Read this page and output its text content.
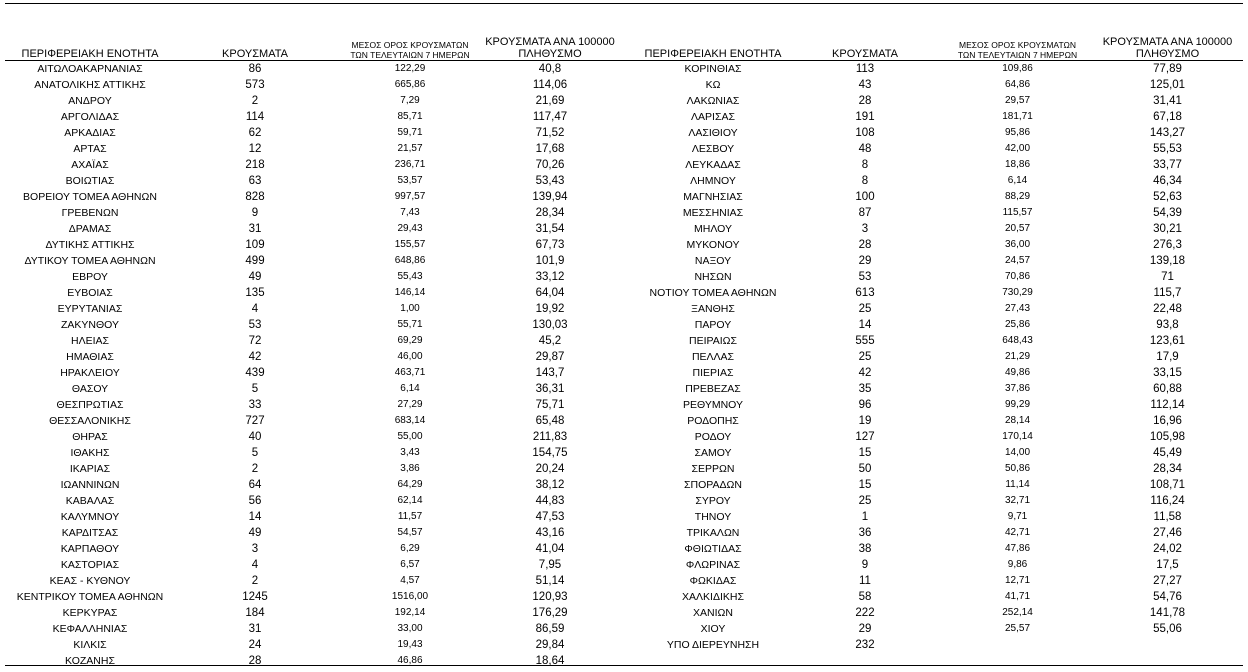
ΠΕΡΙΦΕΡΕΙΑΚΗ ΕΝΟΤΗΤΑ	ΚΡΟΥΣΜΑΤΑ
ΜΕΣΟΣ ΟΡΟΣ ΚΡΟΥΣΜΑΤΩΝ
ΤΩΝ ΤΕΛΕΥΤΑΙΩΝ 7 ΗΜΕΡΩΝ
ΚΡΟΥΣΜΑΤΑ ΑΝΑ 100000
ΠΛΗΘΥΣΜΟ
ΑΙΤΩΛΟΑΚΑΡΝΑΝΙΑΣ	86	122,29	40,8
ΑΝΑΤΟΛΙΚΗΣ ΑΤΤΙΚΗΣ	573	665,86	114,06
ΑΝΔΡΟΥ	2	7,29	21,69
ΑΡΓΟΛΙΔΑΣ	114	85,71	117,47
ΑΡΚΑΔΙΑΣ	62	59,71	71,52
ΑΡΤΑΣ	12	21,57	17,68
ΑΧΑΪΑΣ	218	236,71	70,26
ΒΟΙΩΤΙΑΣ	63	53,57	53,43
ΒΟΡΕΙΟΥ ΤΟΜΕΑ ΑΘΗΝΩΝ	828	997,57	139,94
ΓΡΕΒΕΝΩΝ	9	7,43	28,34
ΔΡΑΜΑΣ	31	29,43	31,54
ΔΥΤΙΚΗΣ ΑΤΤΙΚΗΣ	109	155,57	67,73
ΔΥΤΙΚΟΥ ΤΟΜΕΑ ΑΘΗΝΩΝ	499	648,86	101,9
ΕΒΡΟΥ	49	55,43	33,12
ΕΥΒΟΙΑΣ	135	146,14	64,04
ΕΥΡΥΤΑΝΙΑΣ	4	1,00	19,92
ΖΑΚΥΝΘΟΥ	53	55,71	130,03
ΗΛΕΙΑΣ	72	69,29	45,2
ΗΜΑΘΙΑΣ	42	46,00	29,87
ΗΡΑΚΛΕΙΟΥ	439	463,71	143,7
ΘΑΣΟΥ	5	6,14	36,31
ΘΕΣΠΡΩΤΙΑΣ	33	27,29	75,71
ΘΕΣΣΑΛΟΝΙΚΗΣ	727	683,14	65,48
ΘΗΡΑΣ	40	55,00	211,83
ΙΘΑΚΗΣ	5	3,43	154,75
ΙΚΑΡΙΑΣ	2	3,86	20,24
ΙΩΑΝΝΙΝΩΝ	64	64,29	38,12
ΚΑΒΑΛΑΣ	56	62,14	44,83
ΚΑΛΥΜΝΟΥ	14	11,57	47,53
ΚΑΡΔΙΤΣΑΣ	49	54,57	43,16
ΚΑΡΠΑΘΟΥ	3	6,29	41,04
ΚΑΣΤΟΡΙΑΣ	4	6,57	7,95
ΚΕΑΣ - ΚΥΘΝΟΥ	2	4,57	51,14
ΚΕΝΤΡΙΚΟΥ ΤΟΜΕΑ ΑΘΗΝΩΝ	1245	1516,00	120,93
ΚΕΡΚΥΡΑΣ	184	192,14	176,29
ΚΕΦΑΛΛΗΝΙΑΣ	31	33,00	86,59
ΚΙΛΚΙΣ	24	19,43	29,84
ΚΟΖΑΝΗΣ	28	46,86	18,64
ΠΕΡΙΦΕΡΕΙΑΚΗ ΕΝΟΤΗΤΑ	ΚΡΟΥΣΜΑΤΑ
ΜΕΣΟΣ ΟΡΟΣ ΚΡΟΥΣΜΑΤΩΝ
ΤΩΝ ΤΕΛΕΥΤΑΙΩΝ 7 ΗΜΕΡΩΝ
ΚΡΟΥΣΜΑΤΑ ΑΝΑ 100000
ΠΛΗΘΥΣΜΟ
ΚΟΡΙΝΘΙΑΣ	113	109,86	77,89
ΚΩ	43	64,86	125,01
ΛΑΚΩΝΙΑΣ	28	29,57	31,41
ΛΑΡΙΣΑΣ	191	181,71	67,18
ΛΑΣΙΘΙΟΥ	108	95,86	143,27
ΛΕΣΒΟΥ	48	42,00	55,53
ΛΕΥΚΑΔΑΣ	8	18,86	33,77
ΛΗΜΝΟΥ	8	6,14	46,34
ΜΑΓΝΗΣΙΑΣ	100	88,29	52,63
ΜΕΣΣΗΝΙΑΣ	87	115,57	54,39
ΜΗΛΟΥ	3	20,57	30,21
ΜΥΚΟΝΟΥ	28	36,00	276,3
ΝΑΞΟΥ	29	24,57	139,18
ΝΗΣΩΝ	53	70,86	71
ΝΟΤΙΟΥ ΤΟΜΕΑ ΑΘΗΝΩΝ	613	730,29	115,7
ΞΑΝΘΗΣ	25	27,43	22,48
ΠΑΡΟΥ	14	25,86	93,8
ΠΕΙΡΑΙΩΣ	555	648,43	123,61
ΠΕΛΛΑΣ	25	21,29	17,9
ΠΙΕΡΙΑΣ	42	49,86	33,15
ΠΡΕΒΕΖΑΣ	35	37,86	60,88
ΡΕΘΥΜΝΟΥ	96	99,29	112,14
ΡΟΔΟΠΗΣ	19	28,14	16,96
ΡΟΔΟΥ	127	170,14	105,98
ΣΑΜΟΥ	15	14,00	45,49
ΣΕΡΡΩΝ	50	50,86	28,34
ΣΠΟΡΑΔΩΝ	15	11,14	108,71
ΣΥΡΟΥ	25	32,71	116,24
ΤΗΝΟΥ	1	9,71	11,58
ΤΡΙΚΑΛΩΝ	36	42,71	27,46
ΦΘΙΩΤΙΔΑΣ	38	47,86	24,02
ΦΛΩΡΙΝΑΣ	9	9,86	17,5
ΦΩΚΙΔΑΣ	11	12,71	27,27
ΧΑΛΚΙΔΙΚΗΣ	58	41,71	54,76
ΧΑΝΙΩΝ	222	252,14	141,78
ΧΙΟΥ	29	25,57	55,06
ΥΠΟ ΔΙΕΡΕΥΝΗΣΗ	232
